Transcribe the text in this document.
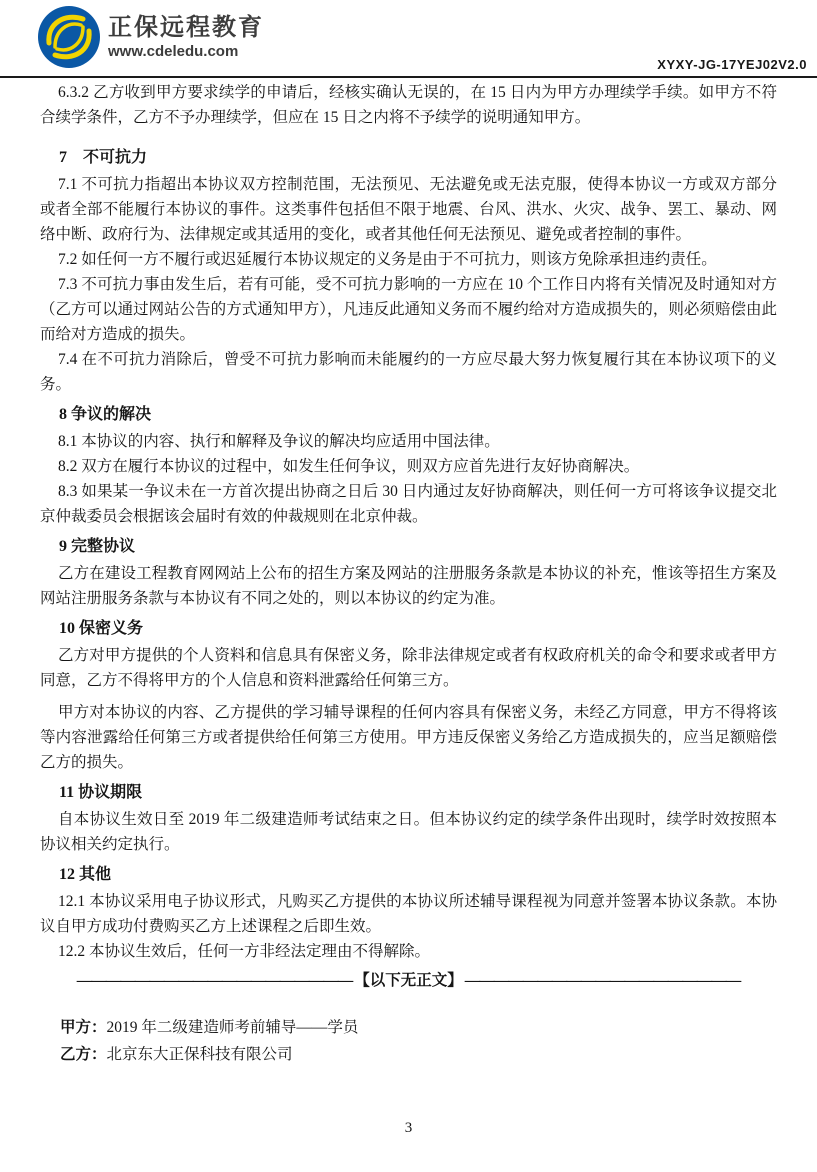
正保远程教育
www.cdeledu.com
XYXY-JG-17YEJ02V2.0
6.3.2 乙方收到甲方要求续学的申请后，经核实确认无误的，在 15 日内为甲方办理续学手续。如甲方不符合续学条件，乙方不予办理续学，但应在 15 日之内将不予续学的说明通知甲方。
7　不可抗力
7.1 不可抗力指超出本协议双方控制范围，无法预见、无法避免或无法克服，使得本协议一方或双方部分或者全部不能履行本协议的事件。这类事件包括但不限于地震、台风、洪水、火灾、战争、罢工、暴动、网络中断、政府行为、法律规定或其适用的变化，或者其他任何无法预见、避免或者控制的事件。
7.2 如任何一方不履行或迟延履行本协议规定的义务是由于不可抗力，则该方免除承担违约责任。
7.3 不可抗力事由发生后，若有可能，受不可抗力影响的一方应在 10 个工作日内将有关情况及时通知对方（乙方可以通过网站公告的方式通知甲方），凡违反此通知义务而不履约给对方造成损失的，则必须赔偿由此而给对方造成的损失。
7.4 在不可抗力消除后，曾受不可抗力影响而未能履约的一方应尽最大努力恢复履行其在本协议项下的义务。
8 争议的解决
8.1 本协议的内容、执行和解释及争议的解决均应适用中国法律。
8.2 双方在履行本协议的过程中，如发生任何争议，则双方应首先进行友好协商解决。
8.3 如果某一争议未在一方首次提出协商之日后 30 日内通过友好协商解决，则任何一方可将该争议提交北京仲裁委员会根据该会届时有效的仲裁规则在北京仲裁。
9 完整协议
乙方在建设工程教育网网站上公布的招生方案及网站的注册服务条款是本协议的补充，惟该等招生方案及网站注册服务条款与本协议有不同之处的，则以本协议的约定为准。
10 保密义务
乙方对甲方提供的个人资料和信息具有保密义务，除非法律规定或者有权政府机关的命令和要求或者甲方同意，乙方不得将甲方的个人信息和资料泄露给任何第三方。
甲方对本协议的内容、乙方提供的学习辅导课程的任何内容具有保密义务，未经乙方同意，甲方不得将该等内容泄露给任何第三方或者提供给任何第三方使用。甲方违反保密义务给乙方造成损失的，应当足额赔偿乙方的损失。
11 协议期限
自本协议生效日至 2019 年二级建造师考试结束之日。但本协议约定的续学条件出现时，续学时效按照本协议相关约定执行。
12 其他
12.1 本协议采用电子协议形式，凡购买乙方提供的本协议所述辅导课程视为同意并签署本协议条款。本协议自甲方成功付费购买乙方上述课程之后即生效。
12.2 本协议生效后，任何一方非经法定理由不得解除。
——————————————————— 【以下无正文】 ———————————————————
甲方：2019 年二级建造师考前辅导——学员
乙方：北京东大正保科技有限公司
3
